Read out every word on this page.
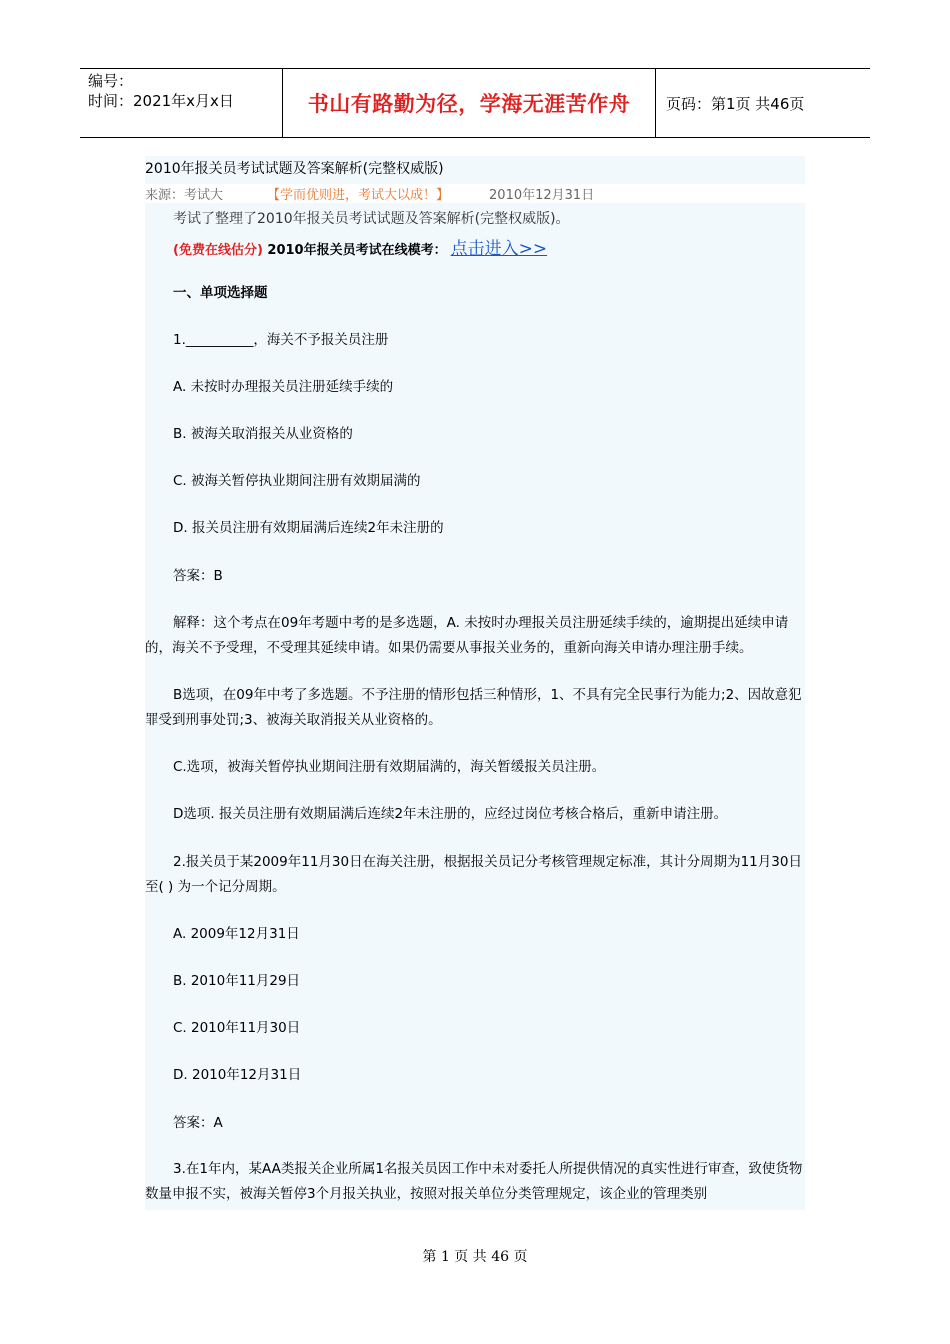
编号：
时间：2021年x月x日	书山有路勤为径，学海无涯苦作舟	页码：第1页 共46页
2010年报关员考试试题及答案解析(完整权威版)
来源：考试大	【学而优则进，考试大以成！】	2010年12月31日
考试了整理了2010年报关员考试试题及答案解析(完整权威版)。
(免费在线估分) 2010年报关员考试在线模考： 点击进入>>
一、单项选择题
1.__________，海关不予报关员注册
A. 未按时办理报关员注册延续手续的
B. 被海关取消报关从业资格的
C. 被海关暂停执业期间注册有效期届满的
D. 报关员注册有效期届满后连续2年未注册的
答案：B
解释：这个考点在09年考题中考的是多选题，A. 未按时办理报关员注册延续手续的，逾期提出延续申请的，海关不予受理，不受理其延续申请。如果仍需要从事报关业务的，重新向海关申请办理注册手续。
B选项，在09年中考了多选题。不予注册的情形包括三种情形，1、不具有完全民事行为能力;2、因故意犯罪受到刑事处罚;3、被海关取消报关从业资格的。
C.选项，被海关暂停执业期间注册有效期届满的，海关暂缓报关员注册。
D选项. 报关员注册有效期届满后连续2年未注册的，应经过岗位考核合格后，重新申请注册。
2.报关员于某2009年11月30日在海关注册，根据报关员记分考核管理规定标准，其计分周期为11月30日至( ) 为一个记分周期。
A. 2009年12月31日
B. 2010年11月29日
C. 2010年11月30日
D. 2010年12月31日
答案：A
3.在1年内，某AA类报关企业所属1名报关员因工作中未对委托人所提供情况的真实性进行审查，致使货物数量申报不实，被海关暂停3个月报关执业，按照对报关单位分类管理规定，该企业的管理类别
第 1 页 共 46 页
